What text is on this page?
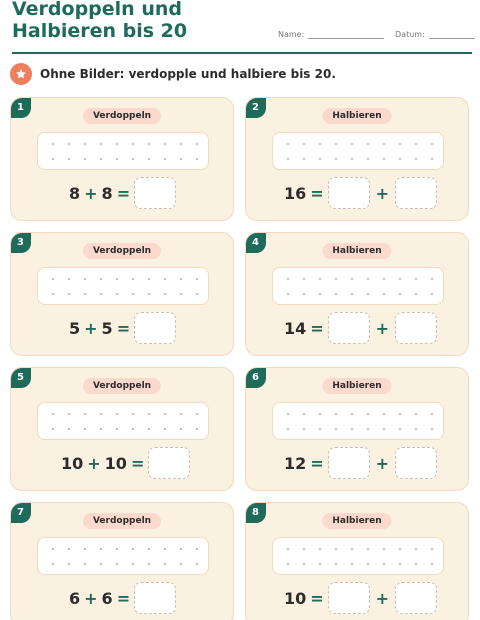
Verdoppeln und Halbieren bis 20	Name:	Datum:
Ohne Bilder: verdopple und halbiere bis 20.
1
Verdoppeln
8 + 8 =
2
Halbieren
16 =	+
3
Verdoppeln
5 + 5 =
4
Halbieren
14 =	+
5
Verdoppeln
10 + 10 =
6
Halbieren
12 =	+
7
Verdoppeln
6 + 6 =
8
Halbieren
10 =	+
